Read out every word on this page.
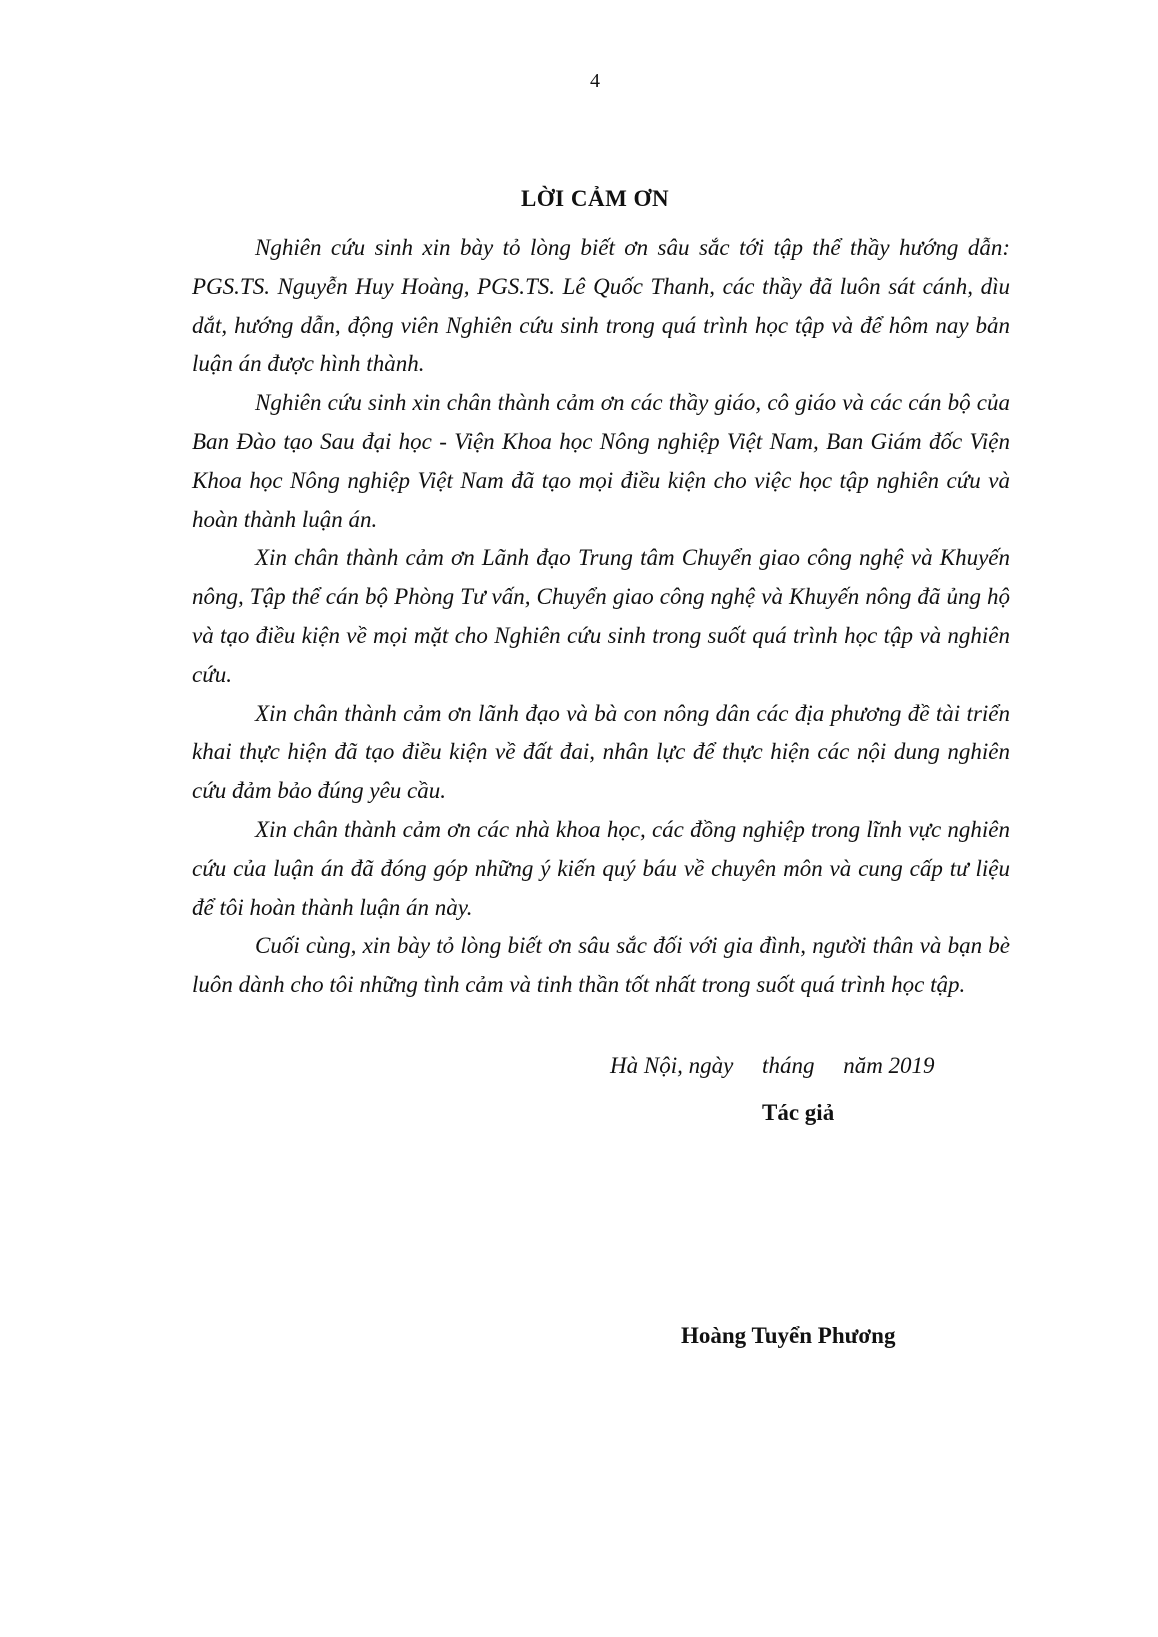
4
LỜI CẢM ƠN

Nghiên cứu sinh xin bày tỏ lòng biết ơn sâu sắc tới tập thể thầy hướng dẫn: PGS.TS. Nguyễn Huy Hoàng, PGS.TS. Lê Quốc Thanh, các thầy đã luôn sát cánh, dìu dắt, hướng dẫn, động viên Nghiên cứu sinh trong quá trình học tập và để hôm nay bản luận án được hình thành.

Nghiên cứu sinh xin chân thành cảm ơn các thầy giáo, cô giáo và các cán bộ của Ban Đào tạo Sau đại học - Viện Khoa học Nông nghiệp Việt Nam, Ban Giám đốc Viện Khoa học Nông nghiệp Việt Nam đã tạo mọi điều kiện cho việc học tập nghiên cứu và hoàn thành luận án.

Xin chân thành cảm ơn Lãnh đạo Trung tâm Chuyển giao công nghệ và Khuyến nông, Tập thể cán bộ Phòng Tư vấn, Chuyển giao công nghệ và Khuyến nông đã ủng hộ và tạo điều kiện về mọi mặt cho Nghiên cứu sinh trong suốt quá trình học tập và nghiên cứu.

Xin chân thành cảm ơn lãnh đạo và bà con nông dân các địa phương đề tài triển khai thực hiện đã tạo điều kiện về đất đai, nhân lực để thực hiện các nội dung nghiên cứu đảm bảo đúng yêu cầu.

Xin chân thành cảm ơn các nhà khoa học, các đồng nghiệp trong lĩnh vực nghiên cứu của luận án đã đóng góp những ý kiến quý báu về chuyên môn và cung cấp tư liệu để tôi hoàn thành luận án này.

Cuối cùng, xin bày tỏ lòng biết ơn sâu sắc đối với gia đình, người thân và bạn bè luôn dành cho tôi những tình cảm và tinh thần tốt nhất trong suốt quá trình học tập.

Hà Nội, ngày     tháng     năm 2019
Tác giả
Hoàng Tuyển Phương
